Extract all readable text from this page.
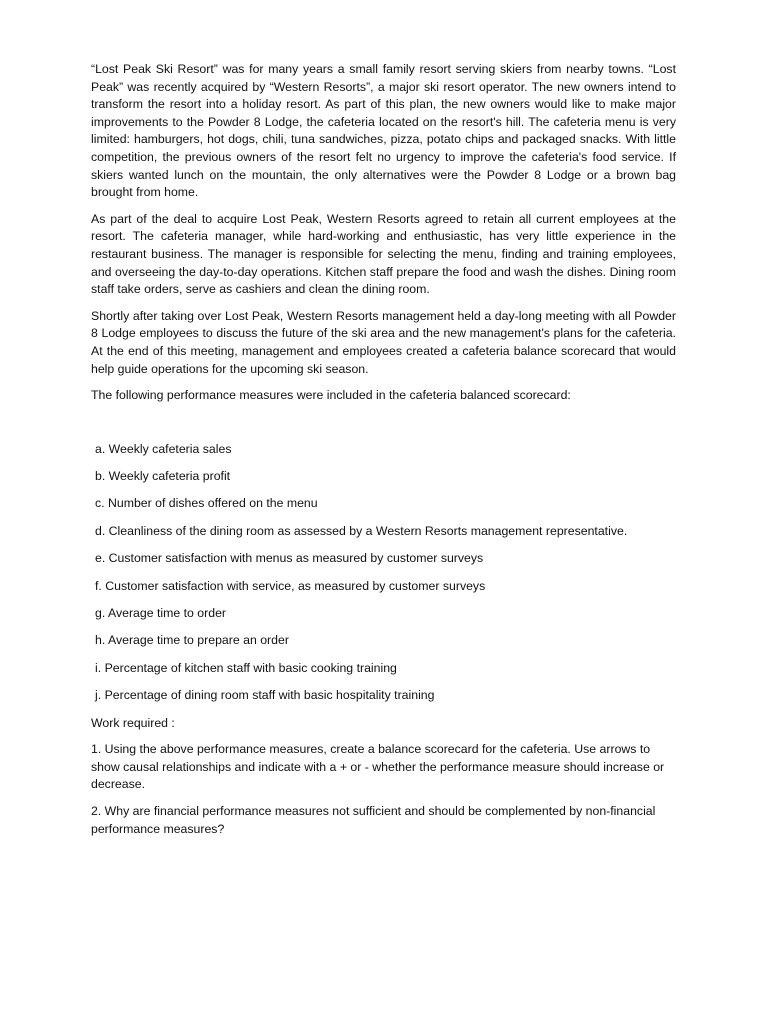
“Lost Peak Ski Resort” was for many years a small family resort serving skiers from nearby towns. “Lost Peak” was recently acquired by “Western Resorts”, a major ski resort operator. The new owners intend to transform the resort into a holiday resort. As part of this plan, the new owners would like to make major improvements to the Powder 8 Lodge, the cafeteria located on the resort's hill. The cafeteria menu is very limited: hamburgers, hot dogs, chili, tuna sandwiches, pizza, potato chips and packaged snacks. With little competition, the previous owners of the resort felt no urgency to improve the cafeteria's food service. If skiers wanted lunch on the mountain, the only alternatives were the Powder 8 Lodge or a brown bag brought from home.

As part of the deal to acquire Lost Peak, Western Resorts agreed to retain all current employees at the resort. The cafeteria manager, while hard-working and enthusiastic, has very little experience in the restaurant business. The manager is responsible for selecting the menu, finding and training employees, and overseeing the day-to-day operations. Kitchen staff prepare the food and wash the dishes. Dining room staff take orders, serve as cashiers and clean the dining room.

Shortly after taking over Lost Peak, Western Resorts management held a day-long meeting with all Powder 8 Lodge employees to discuss the future of the ski area and the new management's plans for the cafeteria. At the end of this meeting, management and employees created a cafeteria balance scorecard that would help guide operations for the upcoming ski season.

The following performance measures were included in the cafeteria balanced scorecard:

a. Weekly cafeteria sales
b. Weekly cafeteria profit
c. Number of dishes offered on the menu
d. Cleanliness of the dining room as assessed by a Western Resorts management representative.
e. Customer satisfaction with menus as measured by customer surveys
f. Customer satisfaction with service, as measured by customer surveys
g. Average time to order
h. Average time to prepare an order
i. Percentage of kitchen staff with basic cooking training
j. Percentage of dining room staff with basic hospitality training

Work required :

1. Using the above performance measures, create a balance scorecard for the cafeteria. Use arrows to show causal relationships and indicate with a + or - whether the performance measure should increase or decrease.

2. Why are financial performance measures not sufficient and should be complemented by non-financial performance measures?
